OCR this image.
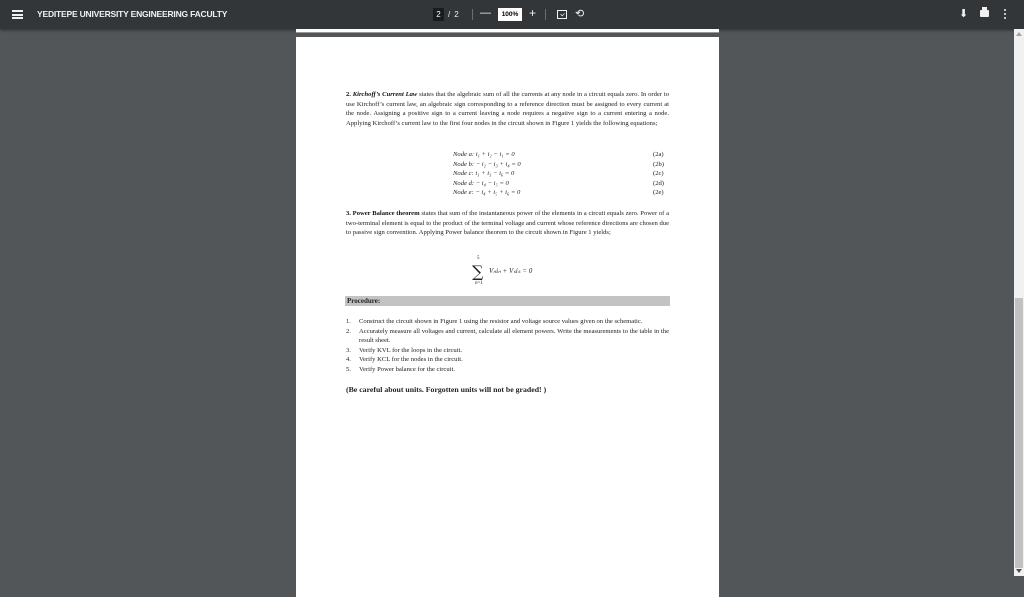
YEDITEPE UNIVERSITY ENGINEERING FACULTY
2	/ 2 —	100% +	⟲	⬇
2. Kirchoff’s Current Law states that the algebraic sum of all the currents at any node in a circuit equals zero. In order to use Kirchoff’s current law, an algebraic sign corresponding to a reference direction must be assigned to every current at the node. Assigning a positive sign to a current leaving a node requires a negative sign to a current entering a node. Applying Kirchoff’s current law to the first four nodes in the circuit shown in Figure 1 yields the following equations;
Node a: i₁ + i₂ − i₁ = 0	(2a)
Node b: − i₂ − i₃ + i₄ = 0	(2b)
Node c: i₁ + i₃ − i₆ = 0	(2c)
Node d: − i₄ − i₅ = 0	(2d)
Node e: − i₄ + i₅ + i₆ = 0	(2e)
3. Power Balance theorem states that sum of the instantaneous power of the elements in a circuit equals zero. Power of a two-terminal element is equal to the product of the terminal voltage and current whose reference directions are chosen due to passive sign convention. Applying Power balance theorem to the circuit shown in Figure 1 yields;
5
∑
n=1
Vₙiₙ + Vₛiₛ = 0
Procedure:
1.	Construct the circuit shown in Figure 1 using the resistor and voltage source values given on the schematic.
2.	Accurately measure all voltages and current, calculate all element powers. Write the measurements to the table in the result sheet.
3.	Verify KVL for the loops in the circuit.
4.	Verify KCL for the nodes in the circuit.
5.	Verify Power balance for the circuit.
(Be careful about units. Forgotten units will not be graded! )
